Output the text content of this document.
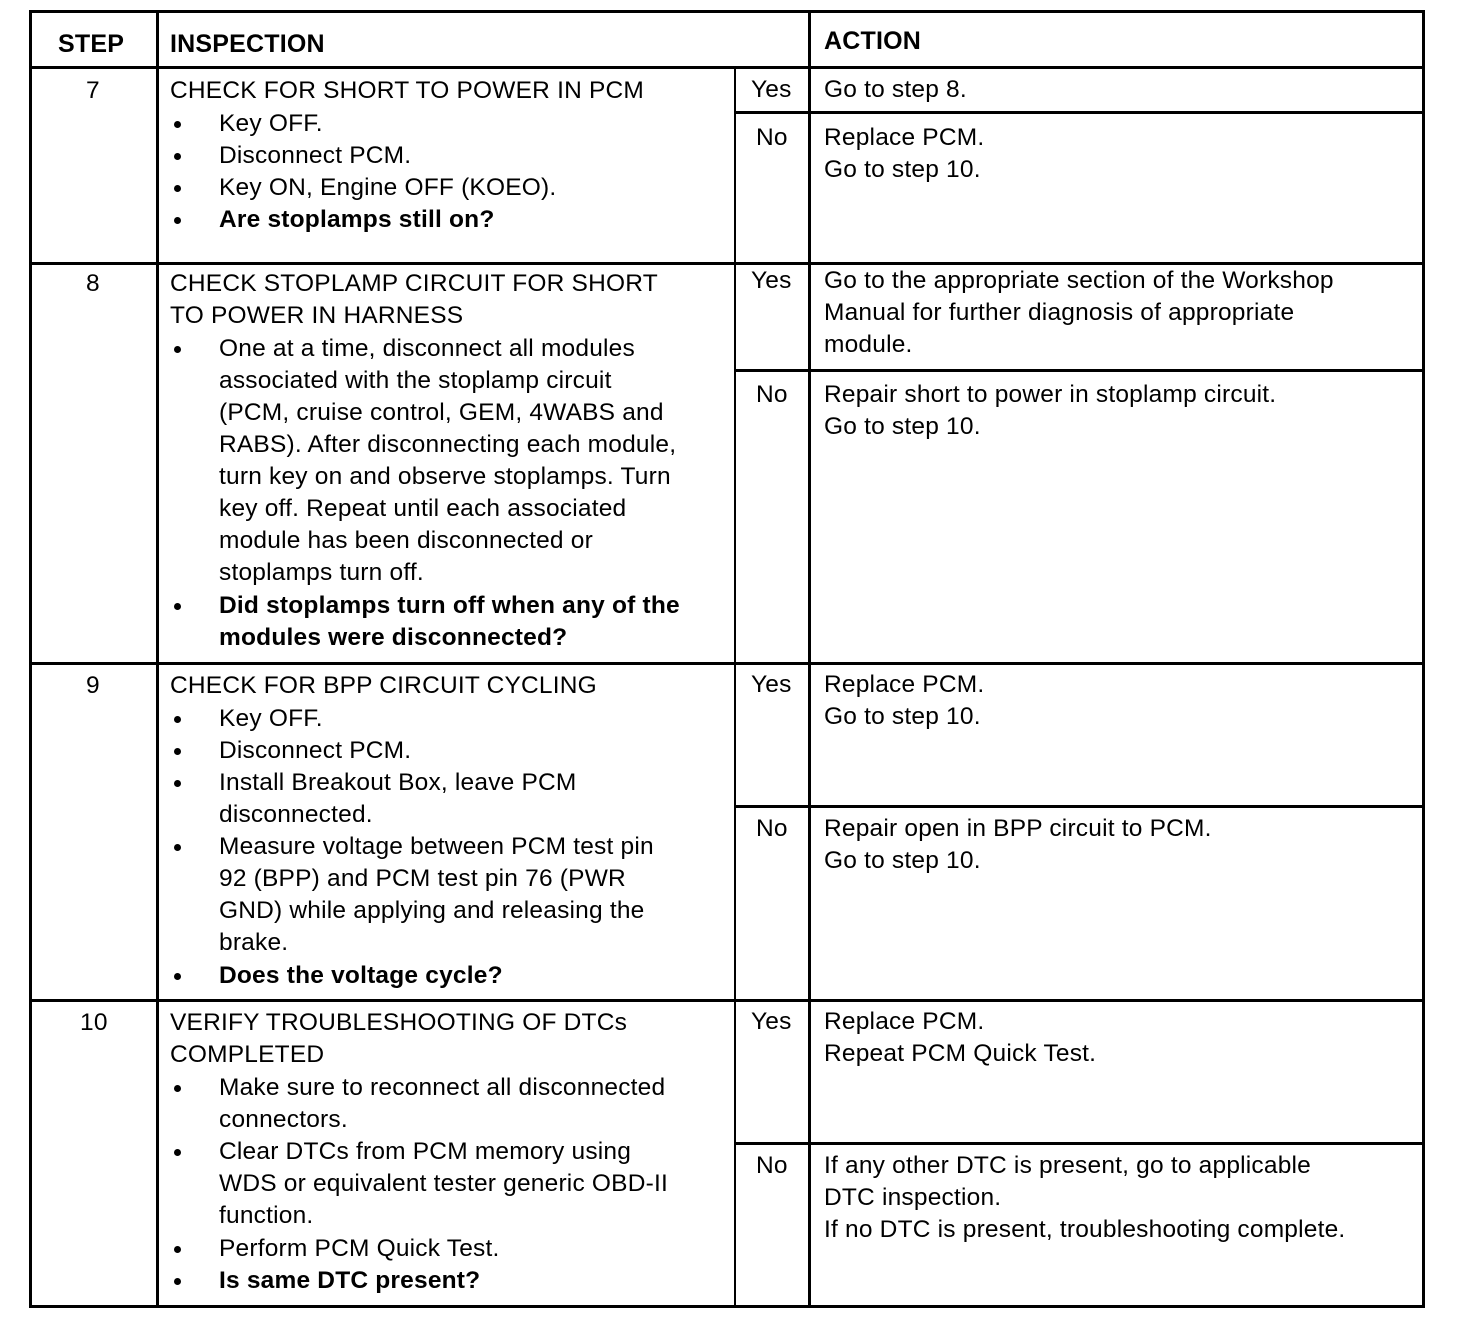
STEP INSPECTION	ACTION
7	CHECK FOR SHORT TO POWER IN PCM
Key OFF.
Disconnect PCM.
Key ON, Engine OFF (KOEO).
Are stoplamps still on?
Yes Go to step 8.
No Replace PCM.
Go to step 10.
8	CHECK STOPLAMP CIRCUIT FOR SHORT
TO POWER IN HARNESS
One at a time, disconnect all modules
associated with the stoplamp circuit
(PCM, cruise control, GEM, 4WABS and
RABS). After disconnecting each module,
turn key on and observe stoplamps. Turn
key off. Repeat until each associated
module has been disconnected or
stoplamps turn off.
Did stoplamps turn off when any of the
modules were disconnected?
Yes Go to the appropriate section of the Workshop
Manual for further diagnosis of appropriate
module.
No Repair short to power in stoplamp circuit.
Go to step 10.
9	CHECK FOR BPP CIRCUIT CYCLING
Key OFF.
Disconnect PCM.
Install Breakout Box, leave PCM
disconnected.
Measure voltage between PCM test pin
92 (BPP) and PCM test pin 76 (PWR
GND) while applying and releasing the
brake.
Does the voltage cycle?
Yes Replace PCM.
Go to step 10.
No Repair open in BPP circuit to PCM.
Go to step 10.
10	VERIFY TROUBLESHOOTING OF DTCs
COMPLETED
Make sure to reconnect all disconnected
connectors.
Clear DTCs from PCM memory using
WDS or equivalent tester generic OBD-II
function.
Perform PCM Quick Test.
Is same DTC present?
Yes Replace PCM.
Repeat PCM Quick Test.
No If any other DTC is present, go to applicable
DTC inspection.
If no DTC is present, troubleshooting complete.
